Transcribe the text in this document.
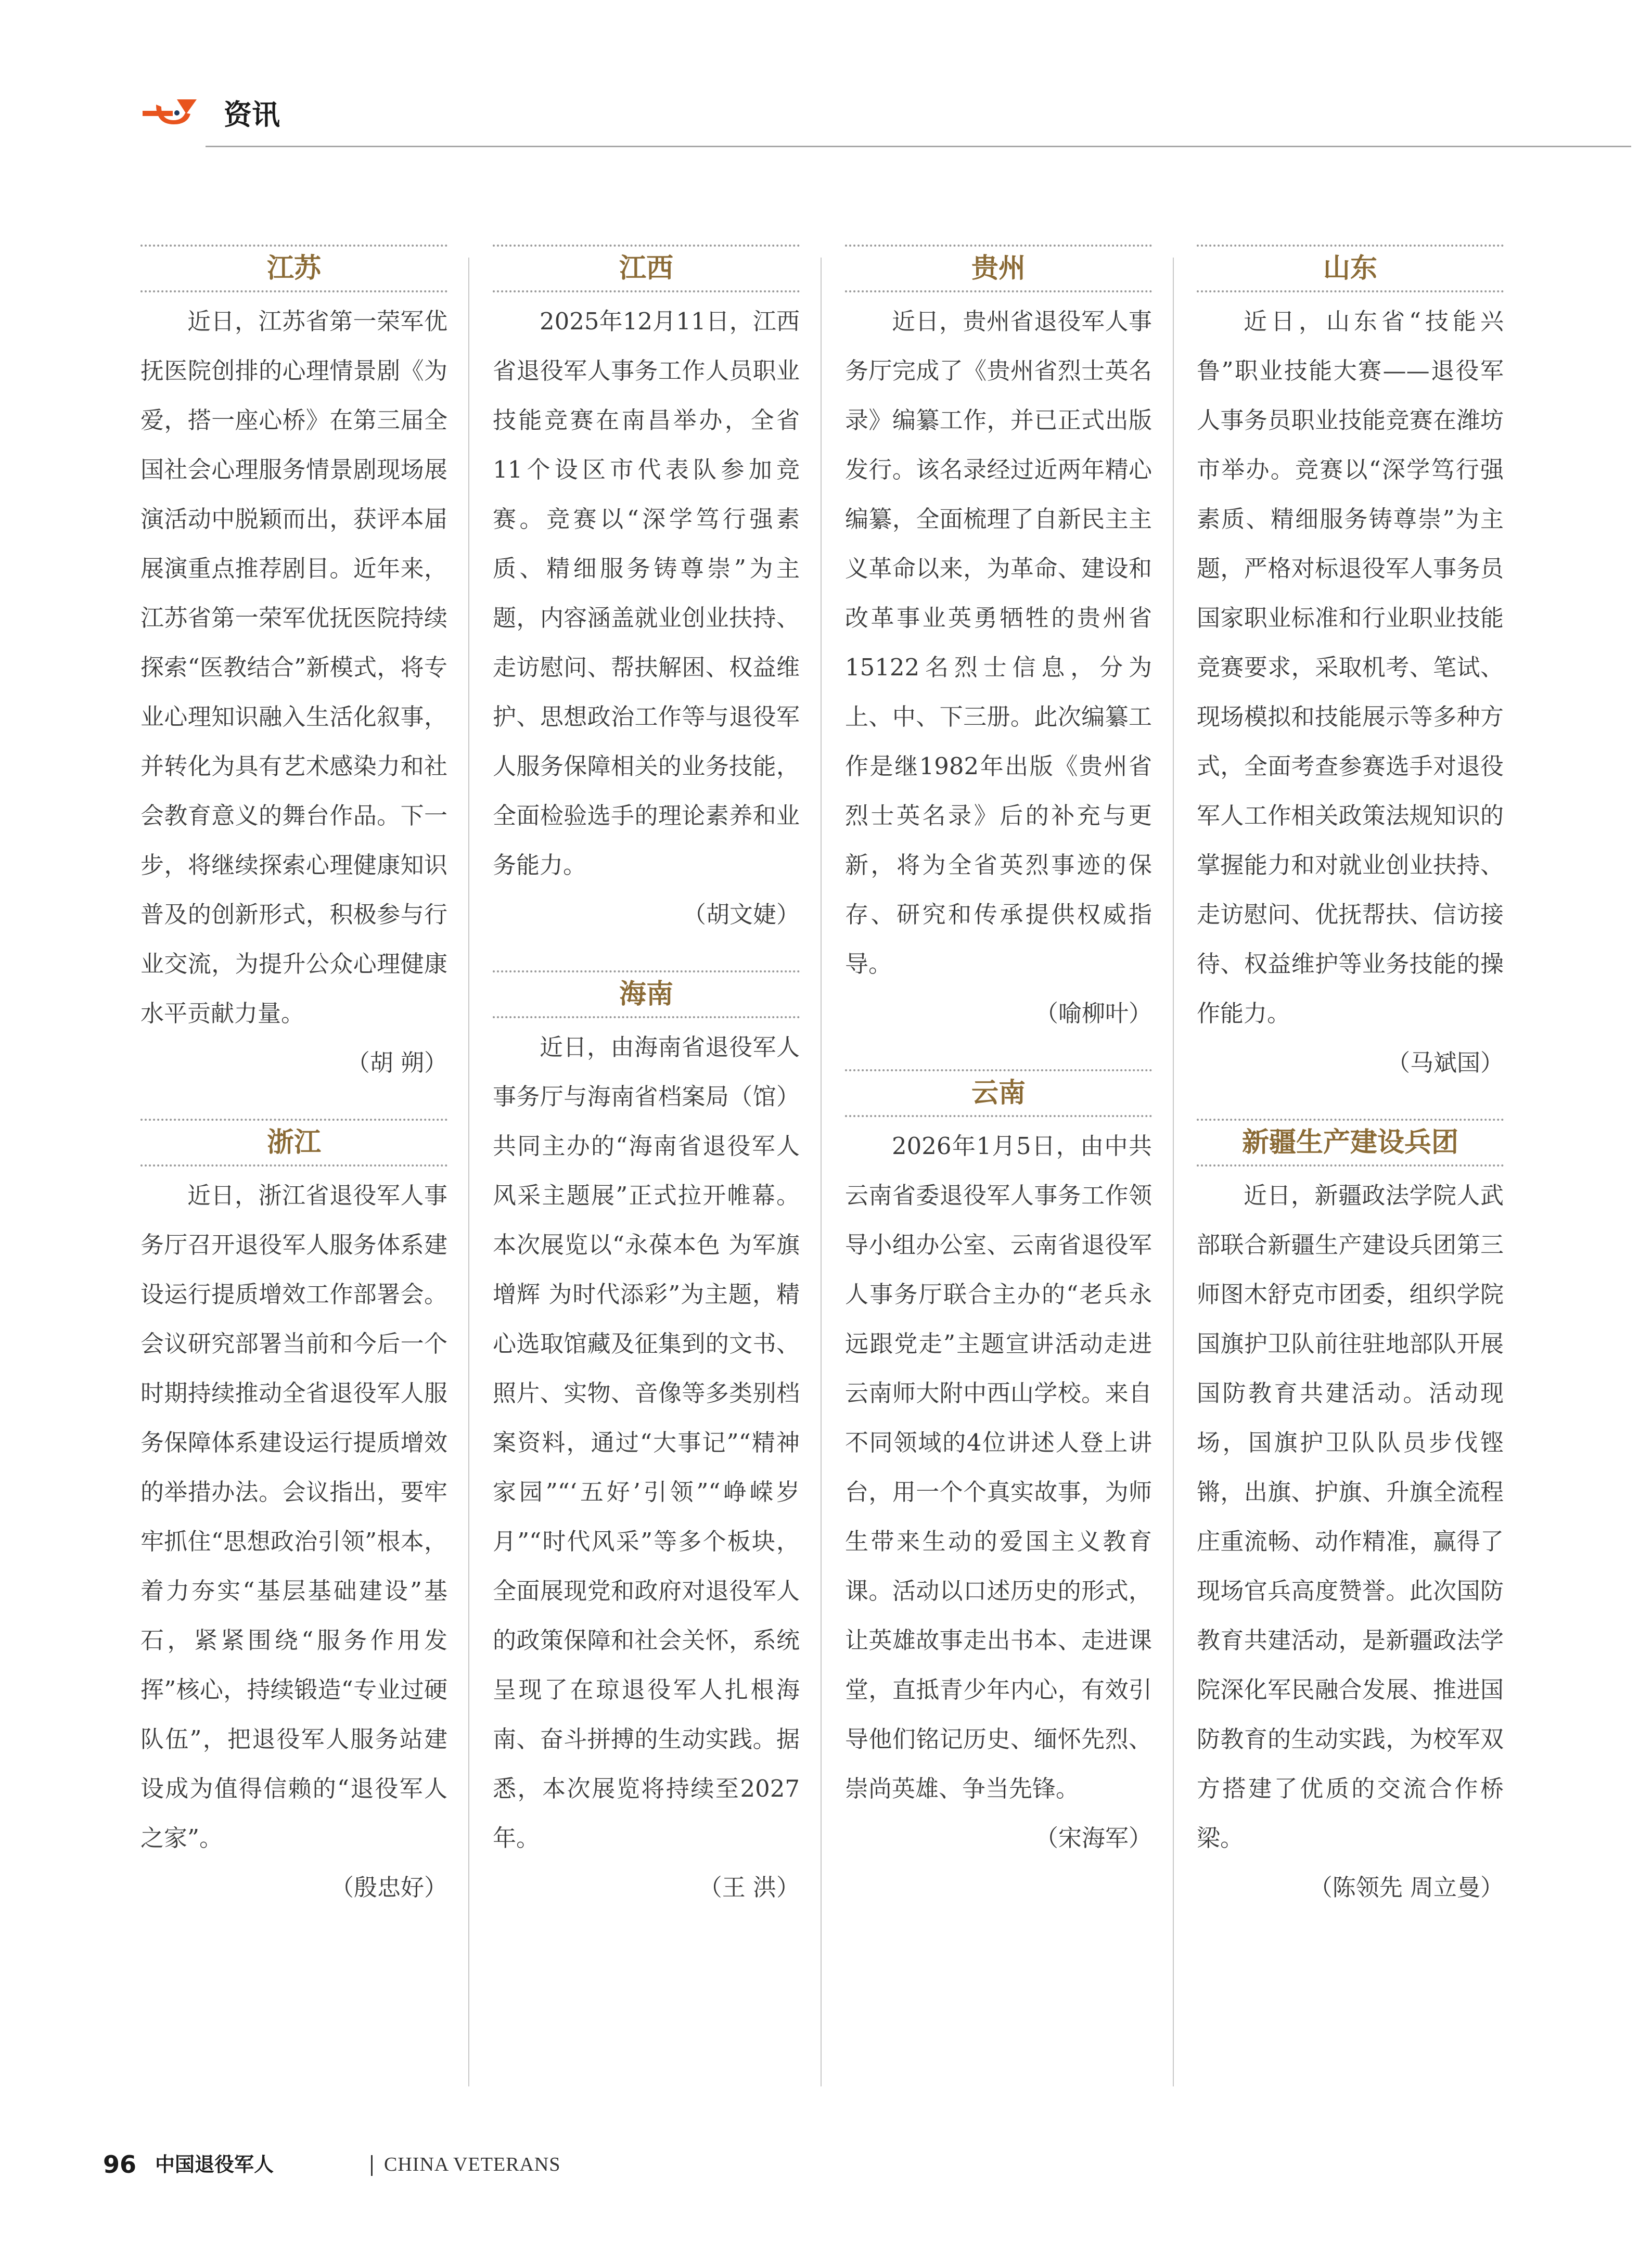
资讯
江苏

近日，江苏省第一荣军优抚医院创排的心理情景剧《为爱，搭一座心桥》在第三届全国社会心理服务情景剧现场展演活动中脱颖而出，获评本届展演重点推荐剧目。近年来，江苏省第一荣军优抚医院持续探索“医教结合”新模式，将专业心理知识融入生活化叙事，并转化为具有艺术感染力和社会教育意义的舞台作品。下一步，将继续探索心理健康知识普及的创新形式，积极参与行业交流，为提升公众心理健康水平贡献力量。

（胡 朔）

浙江

近日，浙江省退役军人事务厅召开退役军人服务体系建设运行提质增效工作部署会。会议研究部署当前和今后一个时期持续推动全省退役军人服务保障体系建设运行提质增效的举措办法。会议指出，要牢牢抓住“思想政治引领”根本，着力夯实“基层基础建设”基石，紧紧围绕“服务作用发挥”核心，持续锻造“专业过硬队伍”，把退役军人服务站建设成为值得信赖的“退役军人之家”。

（殷忠好）

江西

2025年12月11日，江西省退役军人事务工作人员职业技能竞赛在南昌举办，全省11个设区市代表队参加竞赛。竞赛以“深学笃行强素质、精细服务铸尊崇”为主题，内容涵盖就业创业扶持、走访慰问、帮扶解困、权益维护、思想政治工作等与退役军人服务保障相关的业务技能，全面检验选手的理论素养和业务能力。

（胡文婕）

海南

近日，由海南省退役军人事务厅与海南省档案局（馆）共同主办的“海南省退役军人风采主题展”正式拉开帷幕。本次展览以“永葆本色 为军旗增辉 为时代添彩”为主题，精心选取馆藏及征集到的文书、照片、实物、音像等多类别档案资料，通过“大事记”“精神家园”“‘五好’引领”“峥嵘岁月”“时代风采”等多个板块，全面展现党和政府对退役军人的政策保障和社会关怀，系统呈现了在琼退役军人扎根海南、奋斗拼搏的生动实践。据悉，本次展览将持续至2027年。

（王 洪）

贵州

近日，贵州省退役军人事务厅完成了《贵州省烈士英名录》编纂工作，并已正式出版发行。该名录经过近两年精心编纂，全面梳理了自新民主主义革命以来，为革命、建设和改革事业英勇牺牲的贵州省15122名烈士信息，分为上、中、下三册。此次编纂工作是继1982年出版《贵州省烈士英名录》后的补充与更新，将为全省英烈事迹的保存、研究和传承提供权威指导。

（喻柳叶）

云南

2026年1月5日，由中共云南省委退役军人事务工作领导小组办公室、云南省退役军人事务厅联合主办的“老兵永远跟党走”主题宣讲活动走进云南师大附中西山学校。来自不同领域的4位讲述人登上讲台，用一个个真实故事，为师生带来生动的爱国主义教育课。活动以口述历史的形式，让英雄故事走出书本、走进课堂，直抵青少年内心，有效引导他们铭记历史、缅怀先烈、崇尚英雄、争当先锋。

（宋海军）

山东

近日，山东省“技能兴鲁”职业技能大赛——退役军人事务员职业技能竞赛在潍坊市举办。竞赛以“深学笃行强素质、精细服务铸尊崇”为主题，严格对标退役军人事务员国家职业标准和行业职业技能竞赛要求，采取机考、笔试、现场模拟和技能展示等多种方式，全面考查参赛选手对退役军人工作相关政策法规知识的掌握能力和对就业创业扶持、走访慰问、优抚帮扶、信访接待、权益维护等业务技能的操作能力。

（马斌国）

新疆生产建设兵团

近日，新疆政法学院人武部联合新疆生产建设兵团第三师图木舒克市团委，组织学院国旗护卫队前往驻地部队开展国防教育共建活动。活动现场，国旗护卫队队员步伐铿锵，出旗、护旗、升旗全流程庄重流畅、动作精准，赢得了现场官兵高度赞誉。此次国防教育共建活动，是新疆政法学院深化军民融合发展、推进国防教育的生动实践，为校军双方搭建了优质的交流合作桥梁。

（陈领先 周立曼）

96 中国退役军人	CHINA VETERANS
